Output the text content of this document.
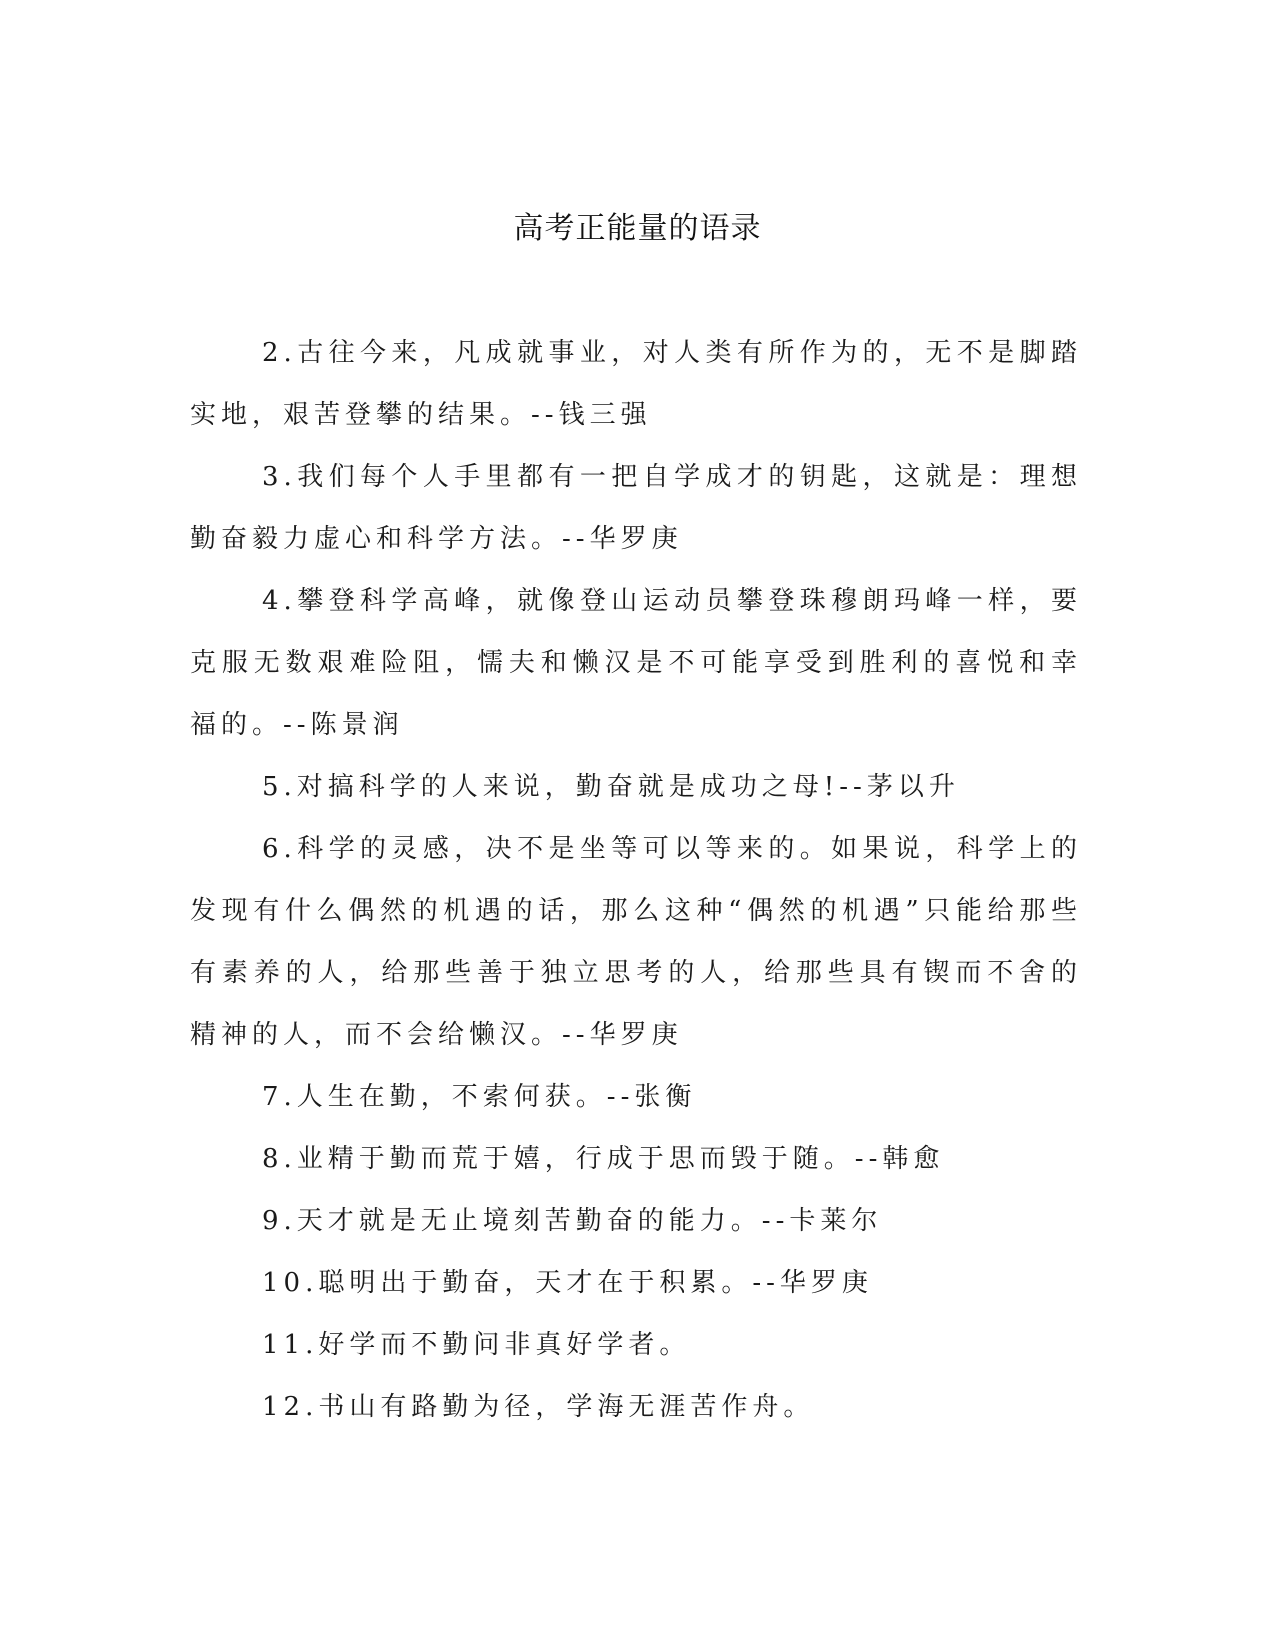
高考正能量的语录

2.古往今来，凡成就事业，对人类有所作为的，无不是脚踏实地，艰苦登攀的结果。--钱三强

3.我们每个人手里都有一把自学成才的钥匙，这就是：理想勤奋毅力虚心和科学方法。--华罗庚

4.攀登科学高峰，就像登山运动员攀登珠穆朗玛峰一样，要克服无数艰难险阻，懦夫和懒汉是不可能享受到胜利的喜悦和幸福的。--陈景润

5.对搞科学的人来说，勤奋就是成功之母!--茅以升

6.科学的灵感，决不是坐等可以等来的。如果说，科学上的发现有什么偶然的机遇的话，那么这种“偶然的机遇”只能给那些有素养的人，给那些善于独立思考的人，给那些具有锲而不舍的精神的人，而不会给懒汉。--华罗庚

7.人生在勤，不索何获。--张衡

8.业精于勤而荒于嬉，行成于思而毁于随。--韩愈

9.天才就是无止境刻苦勤奋的能力。--卡莱尔

10.聪明出于勤奋，天才在于积累。--华罗庚

11.好学而不勤问非真好学者。

12.书山有路勤为径，学海无涯苦作舟。
